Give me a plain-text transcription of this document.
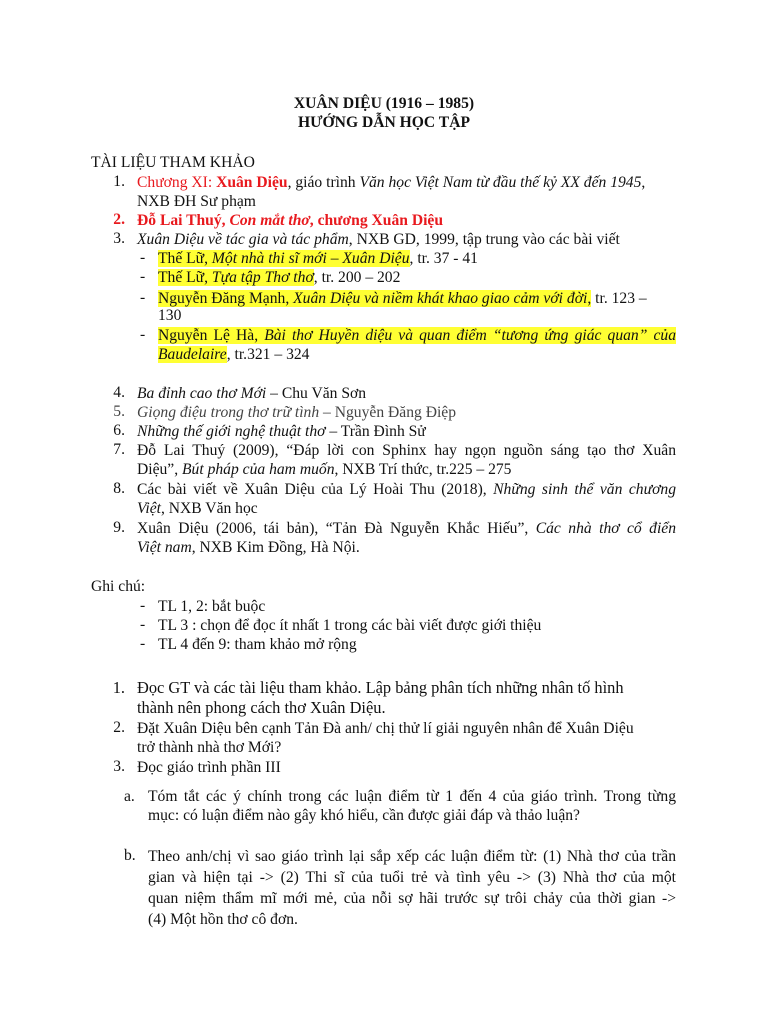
XUÂN DIỆU (1916 – 1985)
HƯỚNG DẪN HỌC TẬP
TÀI LIỆU THAM KHẢO
1. Chương XI: Xuân Diệu, giáo trình Văn học Việt Nam từ đầu thế kỷ XX đến 1945,
NXB ĐH Sư phạm
2. Đỗ Lai Thuý, Con mắt thơ, chương Xuân Diệu
3. Xuân Diệu về tác gia và tác phẩm, NXB GD, 1999, tập trung vào các bài viết
- Thế Lữ, Một nhà thi sĩ mới – Xuân Diệu, tr. 37 - 41
- Thế Lữ, Tựa tập Thơ thơ, tr. 200 – 202
- Nguyễn Đăng Mạnh, Xuân Diệu và niềm khát khao giao cảm với đời, tr. 123 –
130
- Nguyễn Lệ Hà, Bài thơ Huyền diệu và quan điểm “tương ứng giác quan” của
Baudelaire, tr.321 – 324
4. Ba đỉnh cao thơ Mới – Chu Văn Sơn
5. Giọng điệu trong thơ trữ tình – Nguyễn Đăng Điệp
6. Những thế giới nghệ thuật thơ – Trần Đình Sử
7. Đỗ Lai Thuý (2009), “Đáp lời con Sphinx hay ngọn nguồn sáng tạo thơ Xuân
Diệu”, Bút pháp của ham muốn, NXB Trí thức, tr.225 – 275
8. Các bài viết về Xuân Diệu của Lý Hoài Thu (2018), Những sinh thể văn chương
Việt, NXB Văn học
9. Xuân Diệu (2006, tái bản), “Tản Đà Nguyễn Khắc Hiếu”, Các nhà thơ cổ điển
Việt nam, NXB Kim Đồng, Hà Nội.
Ghi chú:
- TL 1, 2: bắt buộc
- TL 3 : chọn để đọc ít nhất 1 trong các bài viết được giới thiệu
- TL 4 đến 9: tham khảo mở rộng
1. Đọc GT và các tài liệu tham khảo. Lập bảng phân tích những nhân tố hình
thành nên phong cách thơ Xuân Diệu.
2. Đặt Xuân Diệu bên cạnh Tản Đà anh/ chị thử lí giải nguyên nhân để Xuân Diệu
trở thành nhà thơ Mới?
3. Đọc giáo trình phần III
a. Tóm tắt các ý chính trong các luận điểm từ 1 đến 4 của giáo trình. Trong từng
mục: có luận điểm nào gây khó hiểu, cần được giải đáp và thảo luận?
b. Theo anh/chị vì sao giáo trình lại sắp xếp các luận điểm từ: (1) Nhà thơ của trần
gian và hiện tại -> (2) Thi sĩ của tuổi trẻ và tình yêu -> (3) Nhà thơ của một
quan niệm thẩm mĩ mới mẻ, của nỗi sợ hãi trước sự trôi chảy của thời gian ->
(4) Một hồn thơ cô đơn.
